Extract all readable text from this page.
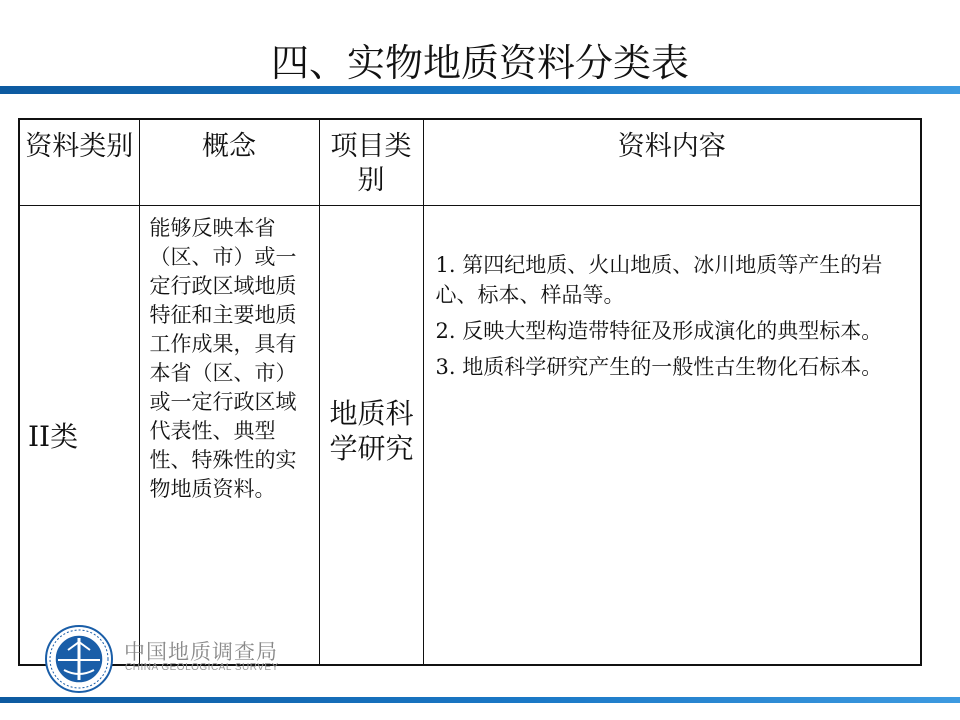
四、实物地质资料分类表
资料类别	概念	项目类别	资料内容
II类	能够反映本省（区、市）或一定行政区域地质特征和主要地质工作成果，具有本省（区、市）或一定行政区域代表性、典型性、特殊性的实物地质资料。	地质科学研究	1. 第四纪地质、火山地质、冰川地质等产生的岩心、标本、样品等。

2. 反映大型构造带特征及形成演化的典型标本。

3. 地质科学研究产生的一般性古生物化石标本。

中国地质调查局
CHINA GEOLOGICAL SURVEY
